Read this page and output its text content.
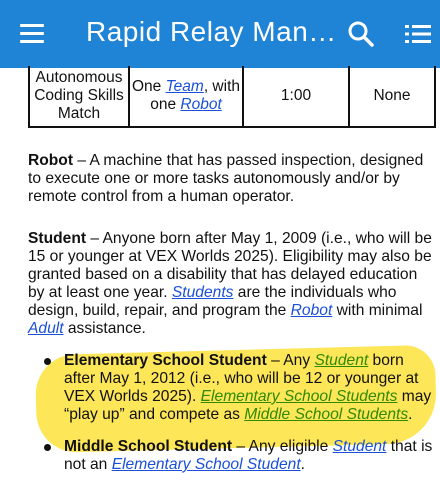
Rapid Relay Man…
Autonomous Coding Skills Match
One Team, with one Robot
1:00	None

Robot – A machine that has passed inspection, designed to execute one or more tasks autonomously and/or by remote control from a human operator.

Student – Anyone born after May 1, 2009 (i.e., who will be 15 or younger at VEX Worlds 2025). Eligibility may also be granted based on a disability that has delayed education by at least one year. Students are the individuals who design, build, repair, and program the Robot with minimal Adult assistance.

Elementary School Student – Any Student born after May 1, 2012 (i.e., who will be 12 or younger at VEX Worlds 2025). Elementary School Students may “play up” and compete as Middle School Students.
Middle School Student – Any eligible Student that is not an Elementary School Student.
